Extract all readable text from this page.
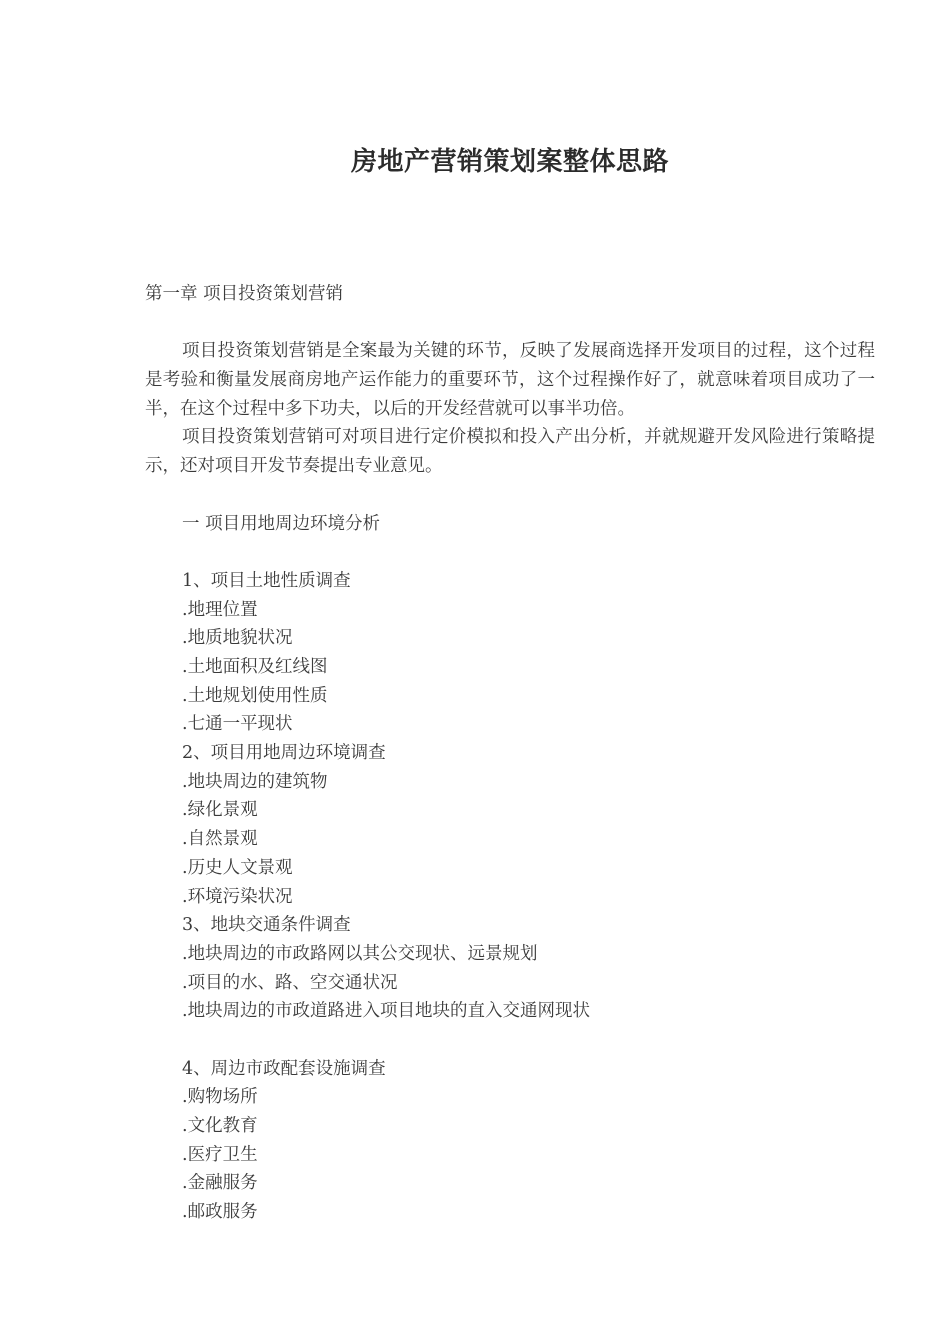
房地产营销策划案整体思路

第一章 项目投资策划营销

项目投资策划营销是全案最为关键的环节，反映了发展商选择开发项目的过程，这个过程是考验和衡量发展商房地产运作能力的重要环节，这个过程操作好了，就意味着项目成功了一半，在这个过程中多下功夫，以后的开发经营就可以事半功倍。

项目投资策划营销可对项目进行定价模拟和投入产出分析，并就规避开发风险进行策略提示，还对项目开发节奏提出专业意见。

一 项目用地周边环境分析

1、项目土地性质调查

.地理位置

.地质地貌状况

.土地面积及红线图

.土地规划使用性质

.七通一平现状

2、项目用地周边环境调查

.地块周边的建筑物

.绿化景观

.自然景观

.历史人文景观

.环境污染状况

3、地块交通条件调查

.地块周边的市政路网以其公交现状、远景规划

.项目的水、路、空交通状况

.地块周边的市政道路进入项目地块的直入交通网现状

4、周边市政配套设施调查

.购物场所

.文化教育

.医疗卫生

.金融服务

.邮政服务
